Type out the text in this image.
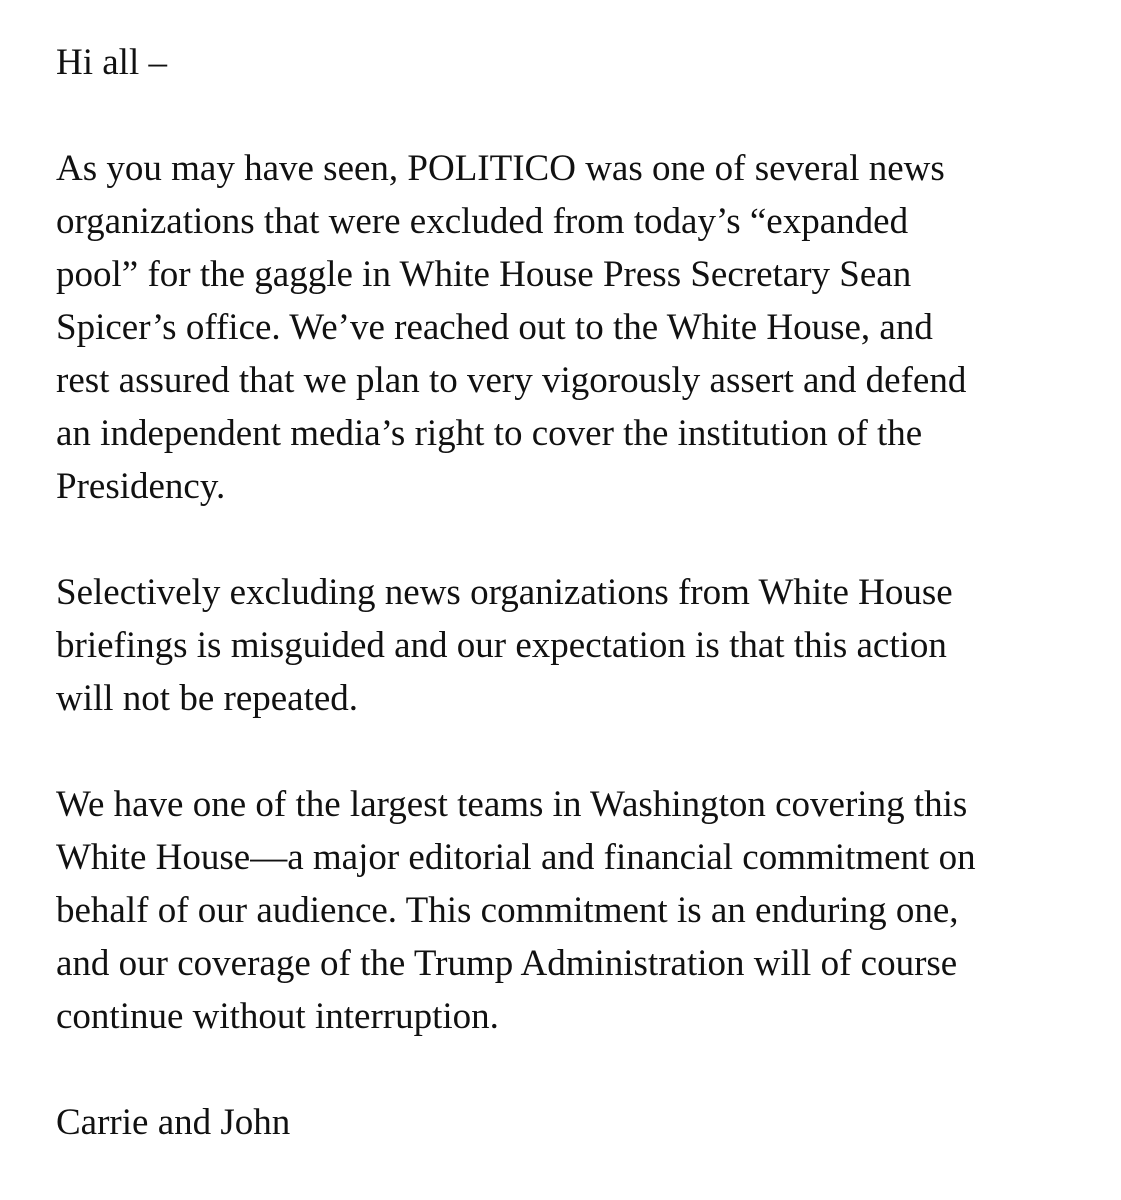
Hi all –
As you may have seen, POLITICO was one of several news
organizations that were excluded from today’s “expanded
pool” for the gaggle in White House Press Secretary Sean
Spicer’s office. We’ve reached out to the White House, and
rest assured that we plan to very vigorously assert and defend
an independent media’s right to cover the institution of the
Presidency.
Selectively excluding news organizations from White House
briefings is misguided and our expectation is that this action
will not be repeated.
We have one of the largest teams in Washington covering this
White House—a major editorial and financial commitment on
behalf of our audience. This commitment is an enduring one,
and our coverage of the Trump Administration will of course
continue without interruption.
Carrie and John
